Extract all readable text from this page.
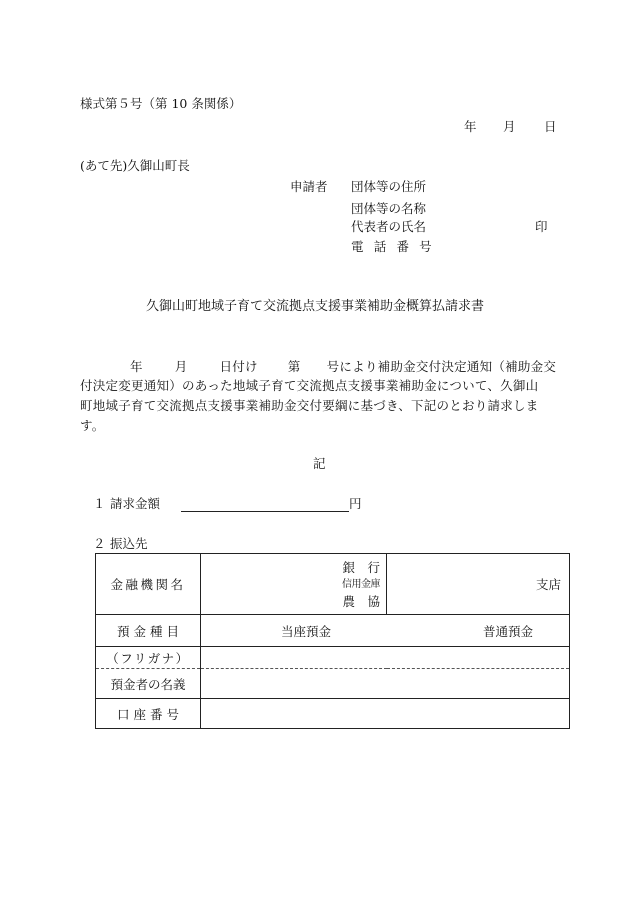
様式第５号（第 10 条関係）
年 月 日
(あて先)久御山町長
申請者 団体等の住所
団体等の名称
代表者の氏名	印
電 話 番 号
久御山町地域子育て交流拠点支援事業補助金概算払請求書
年	月	日付け 第 号により補助金交付決定通知（補助金交
付決定変更通知）のあった地域子育て交流拠点支援事業補助金について、久御山
町地域子育て交流拠点支援事業補助金交付要綱に基づき、下記のとおり請求しま
す。
記
１ 請求金額	円
２ 振込先
金融機関名	銀　行
信用金庫
農　協	支店
預 金 種 目	当座預金 普通預金	
（フリガナ）		
預金者の名義		
口 座 番 号		
